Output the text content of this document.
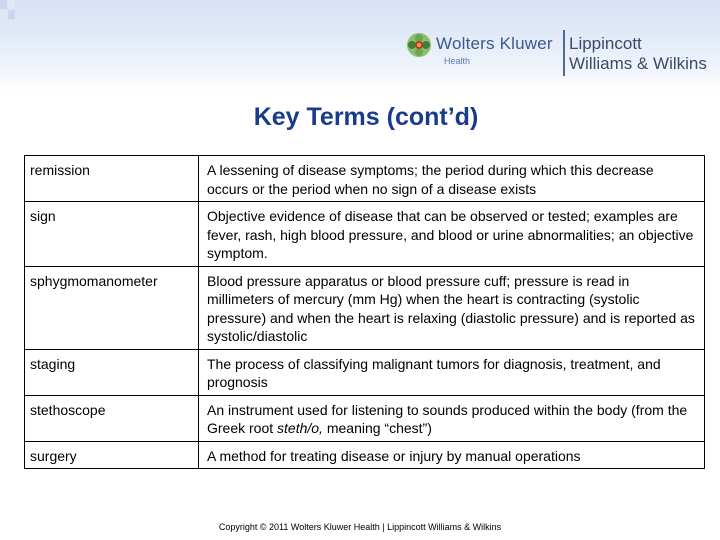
Wolters Kluwer
Health
Lippincott
Williams & Wilkins
Key Terms (cont’d)
remission	A lessening of disease symptoms; the period during which this decrease occurs or the period when no sign of a disease exists
sign	Objective evidence of disease that can be observed or tested; examples are fever, rash, high blood pressure, and blood or urine abnormalities; an objective symptom.
sphygmomanometer	Blood pressure apparatus or blood pressure cuff; pressure is read in millimeters of mercury (mm Hg) when the heart is contracting (systolic pressure) and when the heart is relaxing (diastolic pressure) and is reported as systolic/diastolic
staging	The process of classifying malignant tumors for diagnosis, treatment, and prognosis
stethoscope	An instrument used for listening to sounds produced within the body (from the Greek root steth/o, meaning “chest”)
surgery	A method for treating disease or injury by manual operations
Copyright © 2011 Wolters Kluwer Health | Lippincott Williams & Wilkins
